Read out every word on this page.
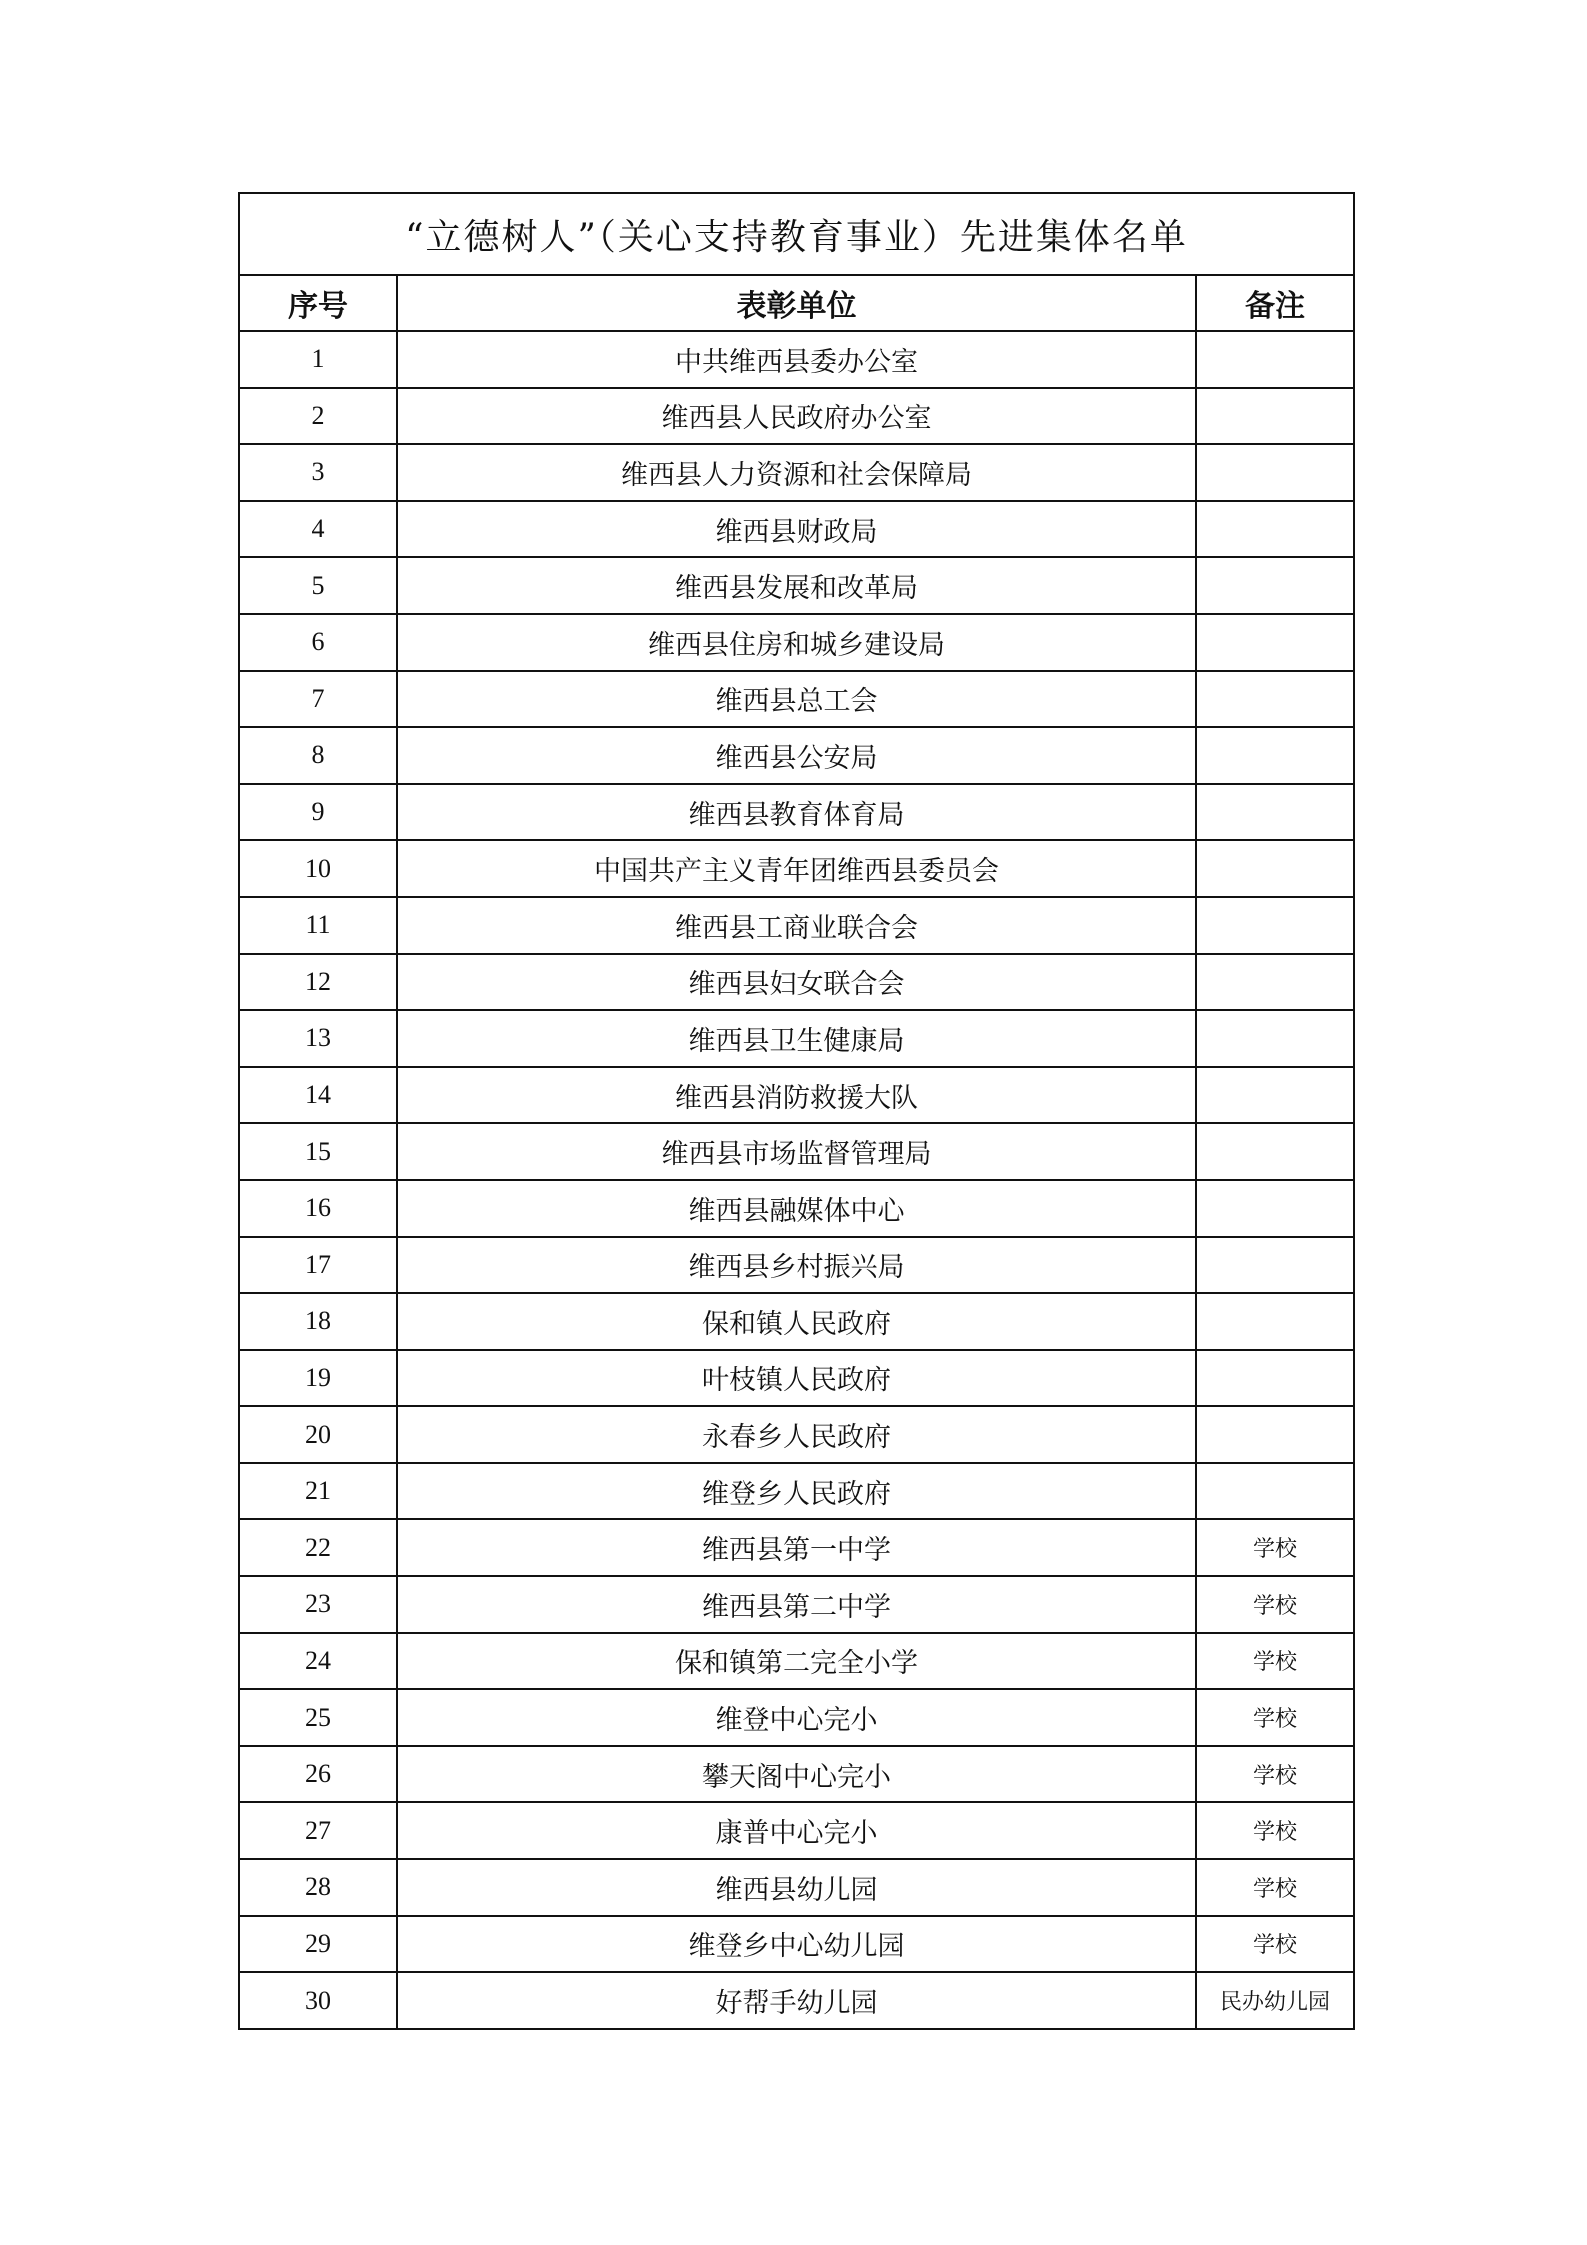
“立德树人”（关心支持教育事业）先进集体名单		
序号	表彰单位	备注
1	中共维西县委办公室	
2	维西县人民政府办公室	
3	维西县人力资源和社会保障局	
4	维西县财政局	
5	维西县发展和改革局	
6	维西县住房和城乡建设局	
7	维西县总工会	
8	维西县公安局	
9	维西县教育体育局	
10	中国共产主义青年团维西县委员会	
11	维西县工商业联合会	
12	维西县妇女联合会	
13	维西县卫生健康局	
14	维西县消防救援大队	
15	维西县市场监督管理局	
16	维西县融媒体中心	
17	维西县乡村振兴局	
18	保和镇人民政府	
19	叶枝镇人民政府	
20	永春乡人民政府	
21	维登乡人民政府	
22	维西县第一中学	学校
23	维西县第二中学	学校
24	保和镇第二完全小学	学校
25	维登中心完小	学校
26	攀天阁中心完小	学校
27	康普中心完小	学校
28	维西县幼儿园	学校
29	维登乡中心幼儿园	学校
30	好帮手幼儿园	民办幼儿园
